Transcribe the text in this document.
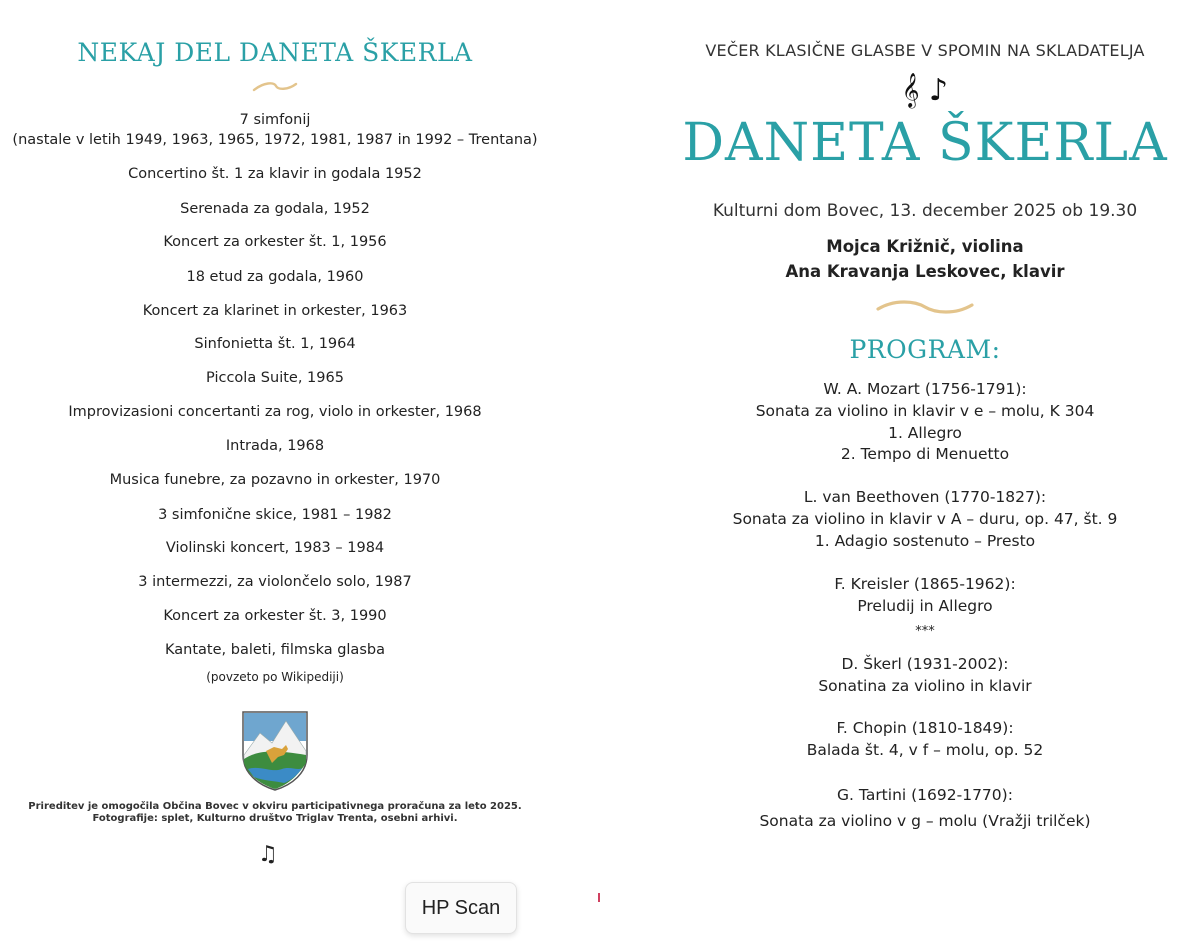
NEKAJ DEL DANETA ŠKERLA
7 simfonij
(nastale v letih 1949, 1963, 1965, 1972, 1981, 1987 in 1992 – Trentana)
Concertino št. 1 za klavir in godala 1952
Serenada za godala, 1952
Koncert za orkester št. 1, 1956
18 etud za godala, 1960
Koncert za klarinet in orkester, 1963
Sinfonietta št. 1, 1964
Piccola Suite, 1965
Improvizasioni concertanti za rog, violo in orkester, 1968
Intrada, 1968
Musica funebre, za pozavno in orkester, 1970
3 simfonične skice, 1981 – 1982
Violinski koncert, 1983 – 1984
3 intermezzi, za violončelo solo, 1987
Koncert za orkester št. 3, 1990
Kantate, baleti, filmska glasba
(povzeto po Wikipediji)
Prireditev je omogočila Občina Bovec v okviru participativnega proračuna za leto 2025.
Fotografije: splet, Kulturno društvo Triglav Trenta, osebni arhivi.
♫
HP Scan
VEČER KLASIČNE GLASBE V SPOMIN NA SKLADATELJA
𝄞 ♪
DANETA ŠKERLA
Kulturni dom Bovec, 13. december 2025 ob 19.30
Mojca Križnič, violina
Ana Kravanja Leskovec, klavir
PROGRAM:
W. A. Mozart (1756-1791):
Sonata za violino in klavir v e – molu, K 304
1. Allegro
2. Tempo di Menuetto
L. van Beethoven (1770-1827):
Sonata za violino in klavir v A – duru, op. 47, št. 9
1. Adagio sostenuto – Presto
F. Kreisler (1865-1962):
Preludij in Allegro
***
D. Škerl (1931-2002):
Sonatina za violino in klavir
F. Chopin (1810-1849):
Balada št. 4, v f – molu, op. 52
G. Tartini (1692-1770):
Sonata za violino v g – molu (Vražji trilček)
